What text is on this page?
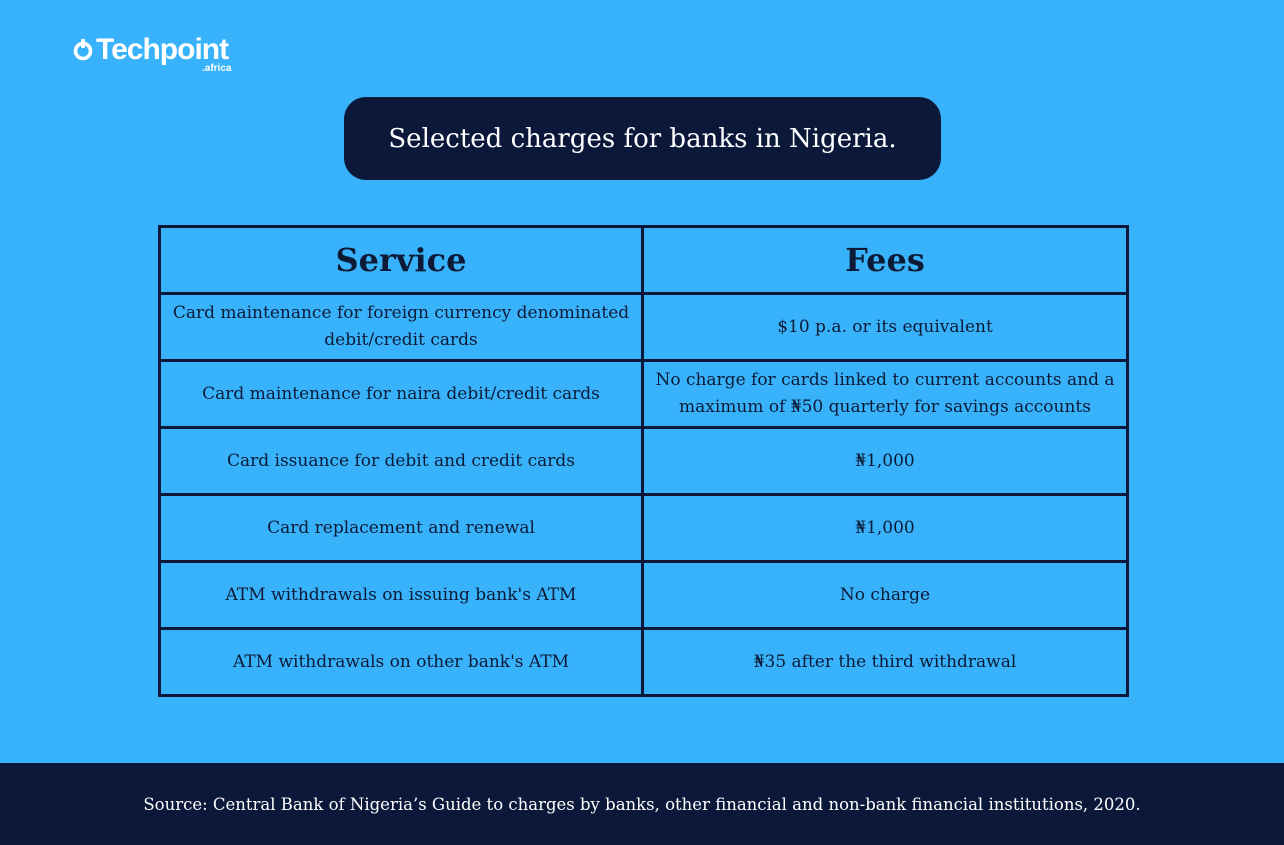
Techpoint
.africa
Selected charges for banks in Nigeria.
Service	Fees
Card maintenance for foreign currency denominated debit/credit cards	$10 p.a. or its equivalent
Card maintenance for naira debit/credit cards	No charge for cards linked to current accounts and a maximum of ₦50 quarterly for savings accounts
Card issuance for debit and credit cards	₦1,000
Card replacement and renewal	₦1,000
ATM withdrawals on issuing bank's ATM	No charge
ATM withdrawals on other bank's ATM	₦35 after the third withdrawal
Source: Central Bank of Nigeria’s Guide to charges by banks, other financial and non-bank financial institutions, 2020.
